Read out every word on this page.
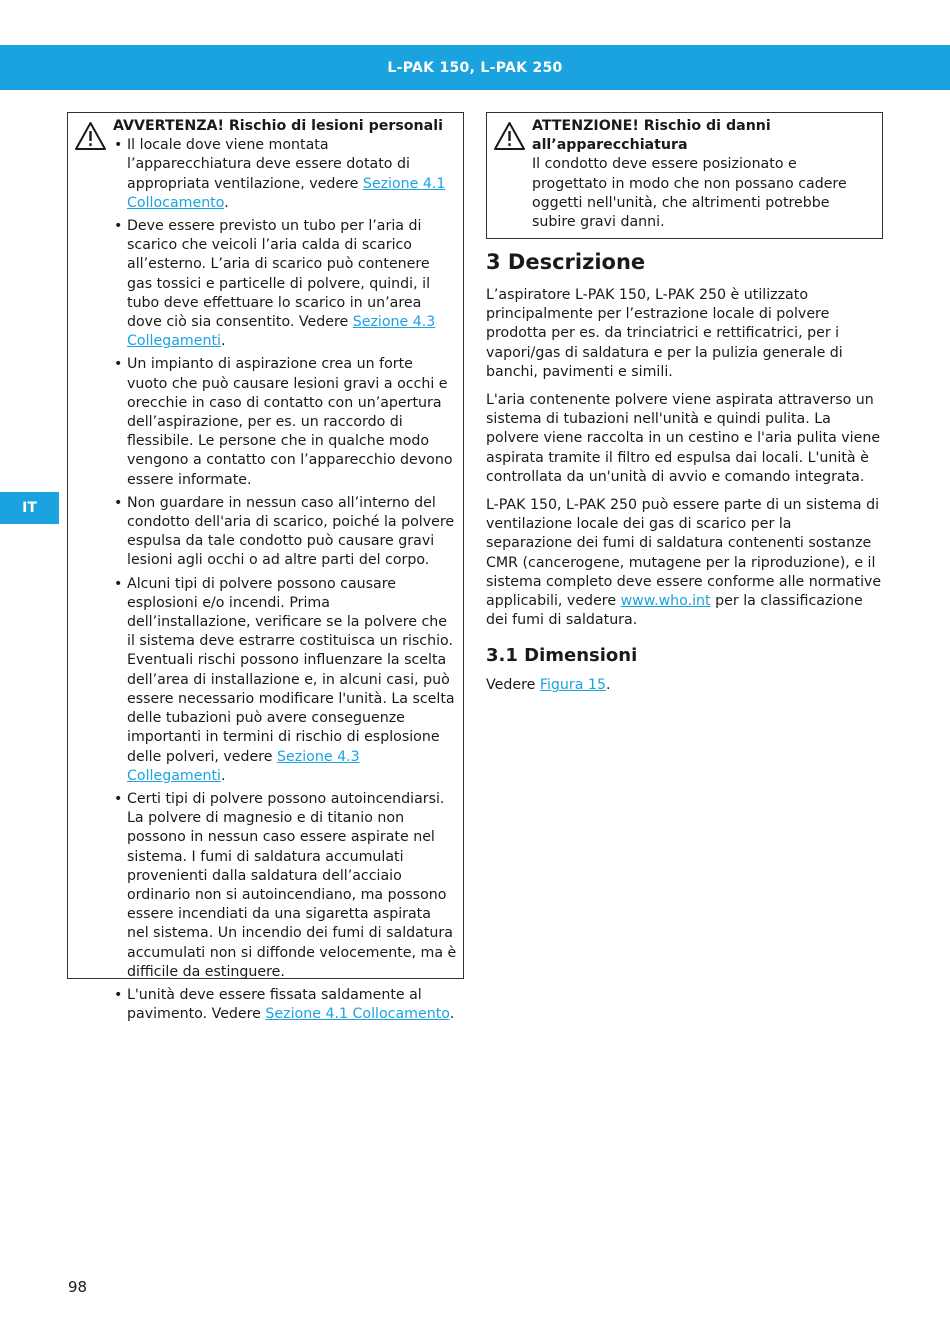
L-PAK 150, L-PAK 250
IT

AVVERTENZA! Rischio di lesioni personali

• Il locale dove viene montata l’apparecchiatura deve essere dotato di appropriata ventilazione, vedere Sezione 4.1 Collocamento.
• Deve essere previsto un tubo per l’aria di scarico che veicoli l’aria calda di scarico all’esterno. L’aria di scarico può contenere gas tossici e particelle di polvere, quindi, il tubo deve effettuare lo scarico in un’area dove ciò sia consentito. Vedere Sezione 4.3 Collegamenti.
• Un impianto di aspirazione crea un forte vuoto che può causare lesioni gravi a occhi e orecchie in caso di contatto con un’apertura dell’aspirazione, per es. un raccordo di flessibile. Le persone che in qualche modo vengono a contatto con l’apparecchio devono essere informate.
• Non guardare in nessun caso all’interno del condotto dell'aria di scarico, poiché la polvere espulsa da tale condotto può causare gravi lesioni agli occhi o ad altre parti del corpo.
• Alcuni tipi di polvere possono causare esplosioni e/o incendi. Prima dell’installazione, verificare se la polvere che il sistema deve estrarre costituisca un rischio. Eventuali rischi possono influenzare la scelta dell’area di installazione e, in alcuni casi, può essere necessario modificare l'unità. La scelta delle tubazioni può avere conseguenze importanti in termini di rischio di esplosione delle polveri, vedere Sezione 4.3 Collegamenti.
• Certi tipi di polvere possono autoincendiarsi. La polvere di magnesio e di titanio non possono in nessun caso essere aspirate nel sistema. I fumi di saldatura accumulati provenienti dalla saldatura dell’acciaio ordinario non si autoincendiano, ma possono essere incendiati da una sigaretta aspirata nel sistema. Un incendio dei fumi di saldatura accumulati non si diffonde velocemente, ma è difficile da estinguere.
• L'unità deve essere fissata saldamente al pavimento. Vedere Sezione 4.1 Collocamento.

ATTENZIONE! Rischio di danni all’apparecchiatura

Il condotto deve essere posizionato e progettato in modo che non possano cadere oggetti nell'unità, che altrimenti potrebbe subire gravi danni.

3 Descrizione

L’aspiratore L-PAK 150, L-PAK 250 è utilizzato principalmente per l’estrazione locale di polvere prodotta per es. da trinciatrici e rettificatrici, per i vapori/gas di saldatura e per la pulizia generale di banchi, pavimenti e simili.

L'aria contenente polvere viene aspirata attraverso un sistema di tubazioni nell'unità e quindi pulita. La polvere viene raccolta in un cestino e l'aria pulita viene aspirata tramite il filtro ed espulsa dai locali. L'unità è controllata da un'unità di avvio e comando integrata.

L-PAK 150, L-PAK 250 può essere parte di un sistema di ventilazione locale dei gas di scarico per la separazione dei fumi di saldatura contenenti sostanze CMR (cancerogene, mutagene per la riproduzione), e il sistema completo deve essere conforme alle normative applicabili, vedere www.who.int per la classificazione dei fumi di saldatura.

3.1 Dimensioni

Vedere Figura 15.

98
